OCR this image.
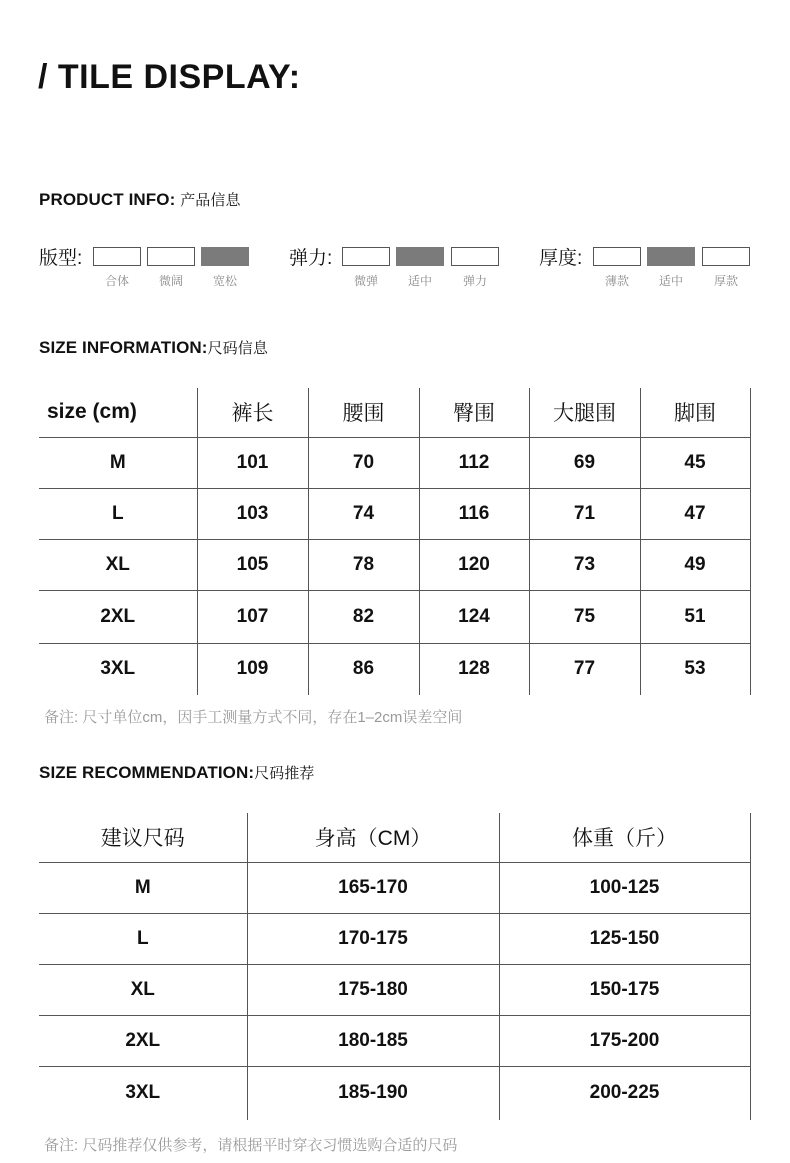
/ TILE DISPLAY:
PRODUCT INFO: 产品信息
版型:
合体	微阔	宽松
弹力:
微弹	适中	弹力
厚度:
薄款	适中	厚款
SIZE INFORMATION:尺码信息
size (cm)	裤长	腰围	臀围	大腿围	脚围
M	101	70	112	69	45
L	103	74	116	71	47
XL	105	78	120	73	49
2XL	107	82	124	75	51
3XL	109	86	128	77	53
备注: 尺寸单位cm，因手工测量方式不同，存在1–2cm误差空间
SIZE RECOMMENDATION:尺码推荐
建议尺码	身高（CM）	体重（斤）
M	165-170	100-125
L	170-175	125-150
XL	175-180	150-175
2XL	180-185	175-200
3XL	185-190	200-225
备注: 尺码推荐仅供参考，请根据平时穿衣习惯选购合适的尺码
